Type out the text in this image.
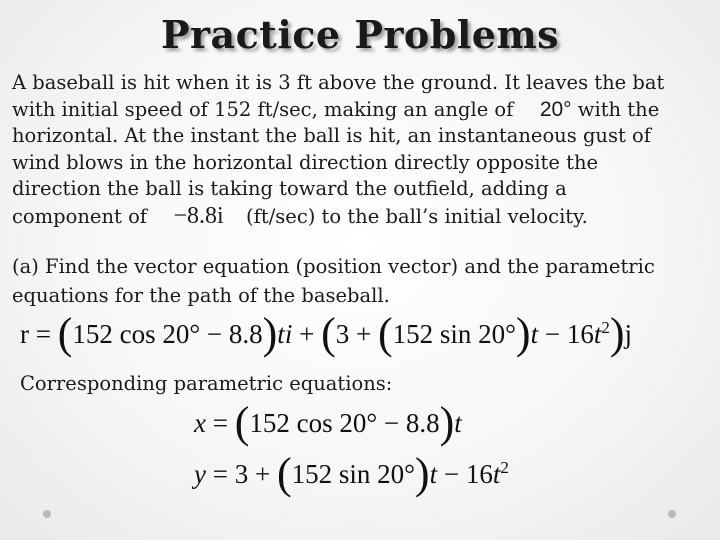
Practice Problems
A baseball is hit when it is 3 ft above the ground. It leaves the bat
with initial speed of 152 ft/sec, making an angle of 20° with the
horizontal. At the instant the ball is hit, an instantaneous gust of
wind blows in the horizontal direction directly opposite the
direction the ball is taking toward the outfield, adding a
component of −8.8i (ft/sec) to the ball’s initial velocity.
(a) Find the vector equation (position vector) and the parametric
equations for the path of the baseball.
r = (152 cos 20° − 8.8)ti + (3 + (152 $\sin 20^\circ)t - 16t^2)j$
Corresponding parametric equations:
x = (152 cos 20° − 8.8)t
y = 3 + (152 $\sin 20^\circ)t - 16t^2$
